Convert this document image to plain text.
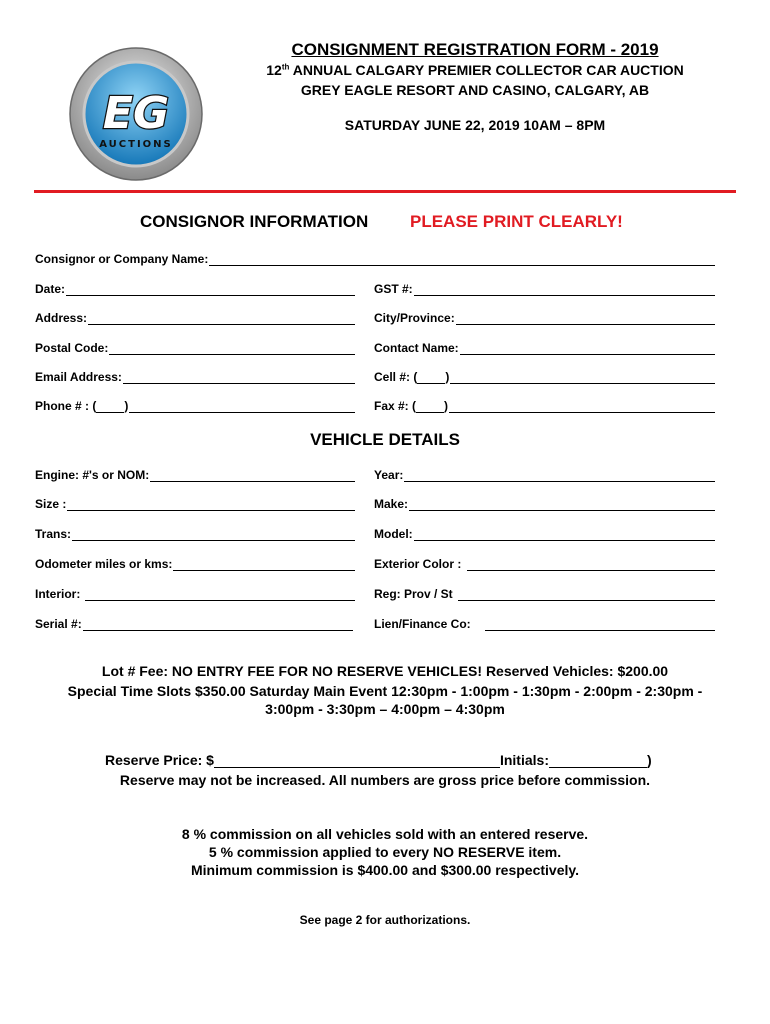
EG
AUCTIONS
CONSIGNMENT REGISTRATION FORM - 2019
12th ANNUAL CALGARY PREMIER COLLECTOR CAR AUCTION
GREY EAGLE RESORT AND CASINO, CALGARY, AB
SATURDAY JUNE 22, 2019 10AM – 8PM
CONSIGNOR INFORMATION PLEASE PRINT CLEARLY!
Consignor or Company Name:
Date:	GST #:
Address:	City/Province:
Postal Code:	Contact Name:
Email Address:	Cell #: ( )
Phone # : ( )	Fax #: ( )
VEHICLE DETAILS
Engine: #'s or NOM:	Year:
Size :	Make:
Trans:	Model:
Odometer miles or kms:	Exterior Color :
Interior:	Reg: Prov / St
Serial #:	Lien/Finance Co:
Lot # Fee: NO ENTRY FEE FOR NO RESERVE VEHICLES! Reserved Vehicles: $200.00
Special Time Slots $350.00 Saturday Main Event 12:30pm - 1:00pm - 1:30pm - 2:00pm - 2:30pm -
3:00pm - 3:30pm – 4:00pm – 4:30pm
Reserve Price: $	Initials:	)
Reserve may not be increased. All numbers are gross price before commission.
8 % commission on all vehicles sold with an entered reserve.
5 % commission applied to every NO RESERVE item.
Minimum commission is $400.00 and $300.00 respectively.
See page 2 for authorizations.
